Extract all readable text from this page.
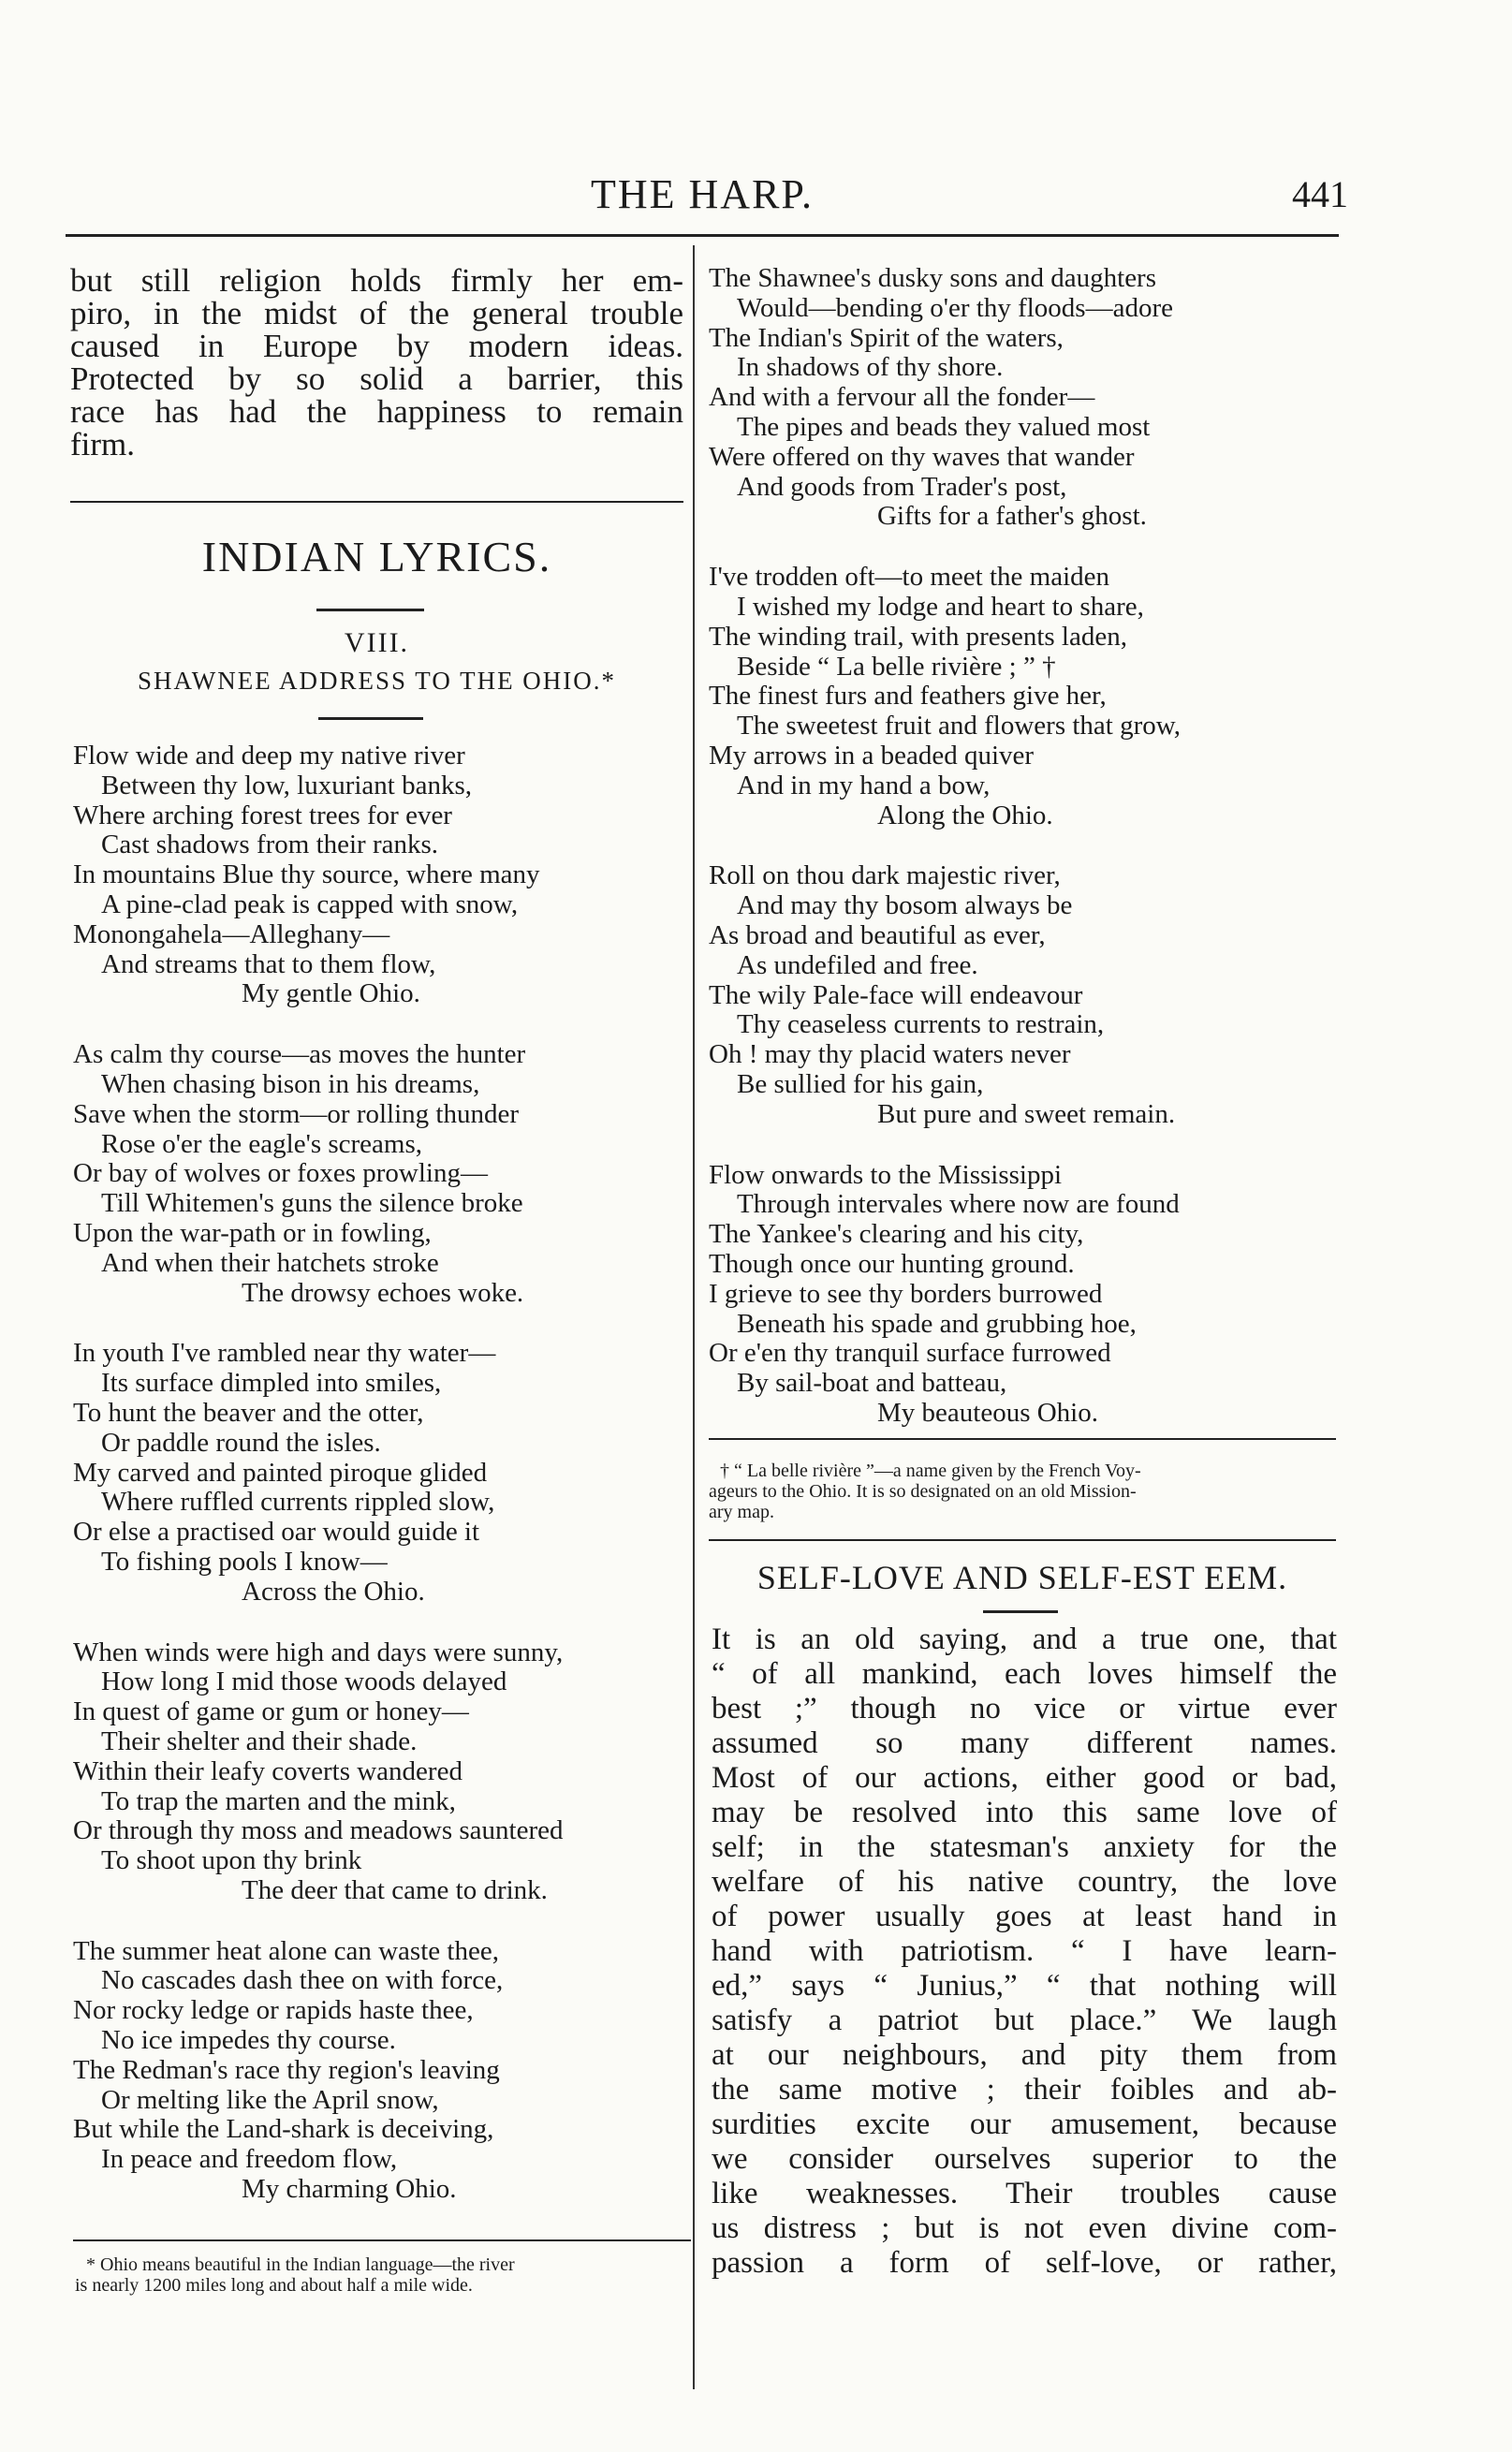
THE HARP.	441
but still religion holds firmly her em-
piro, in the midst of the general trouble
caused in Europe by modern ideas.
Protected by so solid a barrier, this
race has had the happiness to remain
firm.
INDIAN LYRICS.
VIII.
SHAWNEE ADDRESS TO THE OHIO.*
Flow wide and deep my native river
Between thy low, luxuriant banks,
Where arching forest trees for ever
Cast shadows from their ranks.
In mountains Blue thy source, where many
A pine-clad peak is capped with snow,
Monongahela—Alleghany—
And streams that to them flow,
My gentle Ohio.
As calm thy course—as moves the hunter
When chasing bison in his dreams,
Save when the storm—or rolling thunder
Rose o'er the eagle's screams,
Or bay of wolves or foxes prowling—
Till Whitemen's guns the silence broke
Upon the war-path or in fowling,
And when their hatchets stroke
The drowsy echoes woke.
In youth I've rambled near thy water—
Its surface dimpled into smiles,
To hunt the beaver and the otter,
Or paddle round the isles.
My carved and painted piroque glided
Where ruffled currents rippled slow,
Or else a practised oar would guide it
To fishing pools I know—
Across the Ohio.
When winds were high and days were sunny,
How long I mid those woods delayed
In quest of game or gum or honey—
Their shelter and their shade.
Within their leafy coverts wandered
To trap the marten and the mink,
Or through thy moss and meadows sauntered
To shoot upon thy brink
The deer that came to drink.
The summer heat alone can waste thee,
No cascades dash thee on with force,
Nor rocky ledge or rapids haste thee,
No ice impedes thy course.
The Redman's race thy region's leaving
Or melting like the April snow,
But while the Land-shark is deceiving,
In peace and freedom flow,
My charming Ohio.
* Ohio means beautiful in the Indian language—the river
is nearly 1200 miles long and about half a mile wide.
The Shawnee's dusky sons and daughters
Would—bending o'er thy floods—adore
The Indian's Spirit of the waters,
In shadows of thy shore.
And with a fervour all the fonder—
The pipes and beads they valued most
Were offered on thy waves that wander
And goods from Trader's post,
Gifts for a father's ghost.
I've trodden oft—to meet the maiden
I wished my lodge and heart to share,
The winding trail, with presents laden,
Beside “ La belle rivière ; ” †
The finest furs and feathers give her,
The sweetest fruit and flowers that grow,
My arrows in a beaded quiver
And in my hand a bow,
Along the Ohio.
Roll on thou dark majestic river,
And may thy bosom always be
As broad and beautiful as ever,
As undefiled and free.
The wily Pale-face will endeavour
Thy ceaseless currents to restrain,
Oh ! may thy placid waters never
Be sullied for his gain,
But pure and sweet remain.
Flow onwards to the Mississippi
Through intervales where now are found
The Yankee's clearing and his city,
Though once our hunting ground.
I grieve to see thy borders burrowed
Beneath his spade and grubbing hoe,
Or e'en thy tranquil surface furrowed
By sail-boat and batteau,
My beauteous Ohio.
† “ La belle rivière ”—a name given by the French Voy-
ageurs to the Ohio. It is so designated on an old Mission-
ary map.
SELF-LOVE AND SELF-EST EEM.
It is an old saying, and a true one, that
“ of all mankind, each loves himself the
best ;” though no vice or virtue ever
assumed so many different names.
Most of our actions, either good or bad,
may be resolved into this same love of
self; in the statesman's anxiety for the
welfare of his native country, the love
of power usually goes at least hand in
hand with patriotism. “ I have learn-
ed,” says “ Junius,” “ that nothing will
satisfy a patriot but place.” We laugh
at our neighbours, and pity them from
the same motive ; their foibles and ab-
surdities excite our amusement, because
we consider ourselves superior to the
like weaknesses. Their troubles cause
us distress ; but is not even divine com-
passion a form of self-love, or rather,
